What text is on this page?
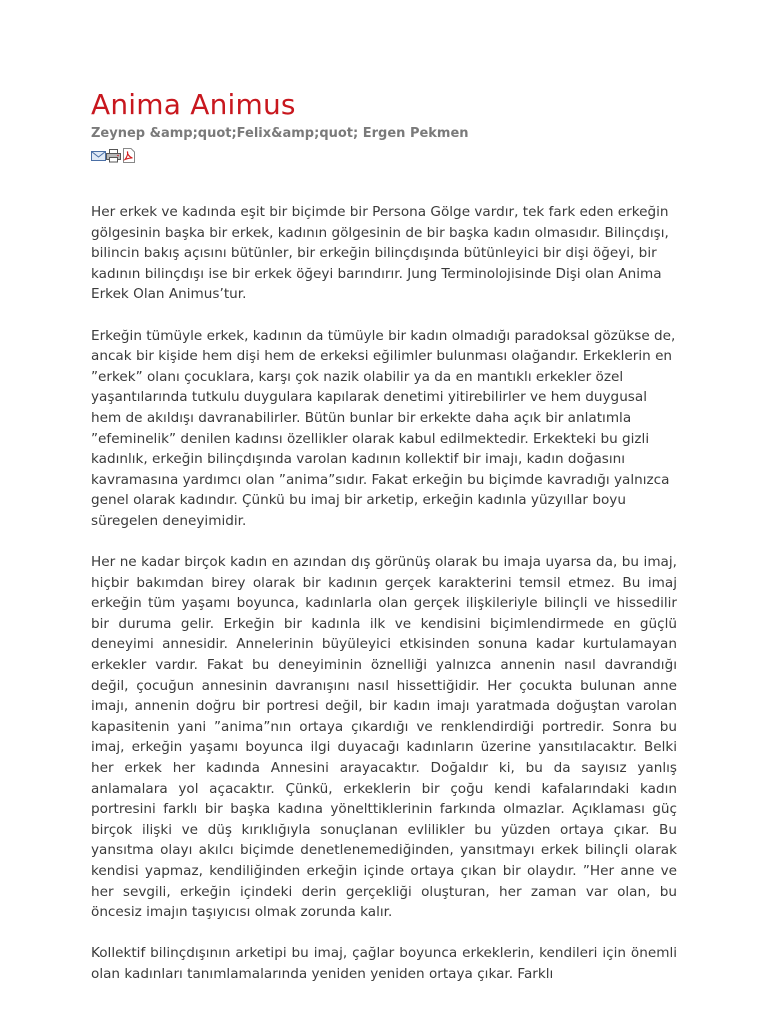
Anima Animus
Zeynep &amp;quot;Felix&amp;quot; Ergen Pekmen

Her erkek ve kadında eşit bir biçimde bir Persona Gölge vardır, tek fark eden erkeğin gölgesinin başka bir erkek, kadının gölgesinin de bir başka kadın olmasıdır. Bilinçdışı, bilincin bakış açısını bütünler, bir erkeğin bilinçdışında bütünleyici bir dişi öğeyi, bir kadının bilinçdışı ise bir erkek öğeyi barındırır. Jung Terminolojisinde Dişi olan Anima Erkek Olan Animus’tur.

Erkeğin tümüyle erkek, kadının da tümüyle bir kadın olmadığı paradoksal gözükse de, ancak bir kişide hem dişi hem de erkeksi eğilimler bulunması olağandır. Erkeklerin en ”erkek” olanı çocuklara, karşı çok nazik olabilir ya da en mantıklı erkekler özel yaşantılarında tutkulu duygulara kapılarak denetimi yitirebilirler ve hem duygusal hem de akıldışı davranabilirler. Bütün bunlar bir erkekte daha açık bir anlatımla ”efeminelik” denilen kadınsı özellikler olarak kabul edilmektedir. Erkekteki bu gizli kadınlık, erkeğin bilinçdışında varolan kadının kollektif bir imajı, kadın doğasını kavramasına yardımcı olan ”anima”sıdır. Fakat erkeğin bu biçimde kavradığı yalnızca genel olarak kadındır. Çünkü bu imaj bir arketip, erkeğin kadınla yüzyıllar boyu süregelen deneyimidir.

Her ne kadar birçok kadın en azından dış görünüş olarak bu imaja uyarsa da, bu imaj, hiçbir bakımdan birey olarak bir kadının gerçek karakterini temsil etmez. Bu imaj erkeğin tüm yaşamı boyunca, kadınlarla olan gerçek ilişkileriyle bilinçli ve hissedilir bir duruma gelir. Erkeğin bir kadınla ilk ve kendisini biçimlendirmede en güçlü deneyimi annesidir. Annelerinin büyüleyici etkisinden sonuna kadar kurtulamayan erkekler vardır. Fakat bu deneyiminin öznelliği yalnızca annenin nasıl davrandığı değil, çocuğun annesinin davranışını nasıl hissettiğidir. Her çocukta bulunan anne imajı, annenin doğru bir portresi değil, bir kadın imajı yaratmada doğuştan varolan kapasitenin yani ”anima”nın ortaya çıkardığı ve renklendirdiği portredir. Sonra bu imaj, erkeğin yaşamı boyunca ilgi duyacağı kadınların üzerine yansıtılacaktır. Belki her erkek her kadında Annesini arayacaktır. Doğaldır ki, bu da sayısız yanlış anlamalara yol açacaktır. Çünkü, erkeklerin bir çoğu kendi kafalarındaki kadın portresini farklı bir başka kadına yönelttiklerinin farkında olmazlar. Açıklaması güç birçok ilişki ve düş kırıklığıyla sonuçlanan evlilikler bu yüzden ortaya çıkar. Bu yansıtma olayı akılcı biçimde denetlenemediğinden, yansıtmayı erkek bilinçli olarak kendisi yapmaz, kendiliğinden erkeğin içinde ortaya çıkan bir olaydır. ”Her anne ve her sevgili, erkeğin içindeki derin gerçekliği oluşturan, her zaman var olan, bu öncesiz imajın taşıyıcısı olmak zorunda kalır.

Kollektif bilinçdışının arketipi bu imaj, çağlar boyunca erkeklerin, kendileri için önemli olan kadınları tanımlamalarında yeniden yeniden ortaya çıkar. Farklı
